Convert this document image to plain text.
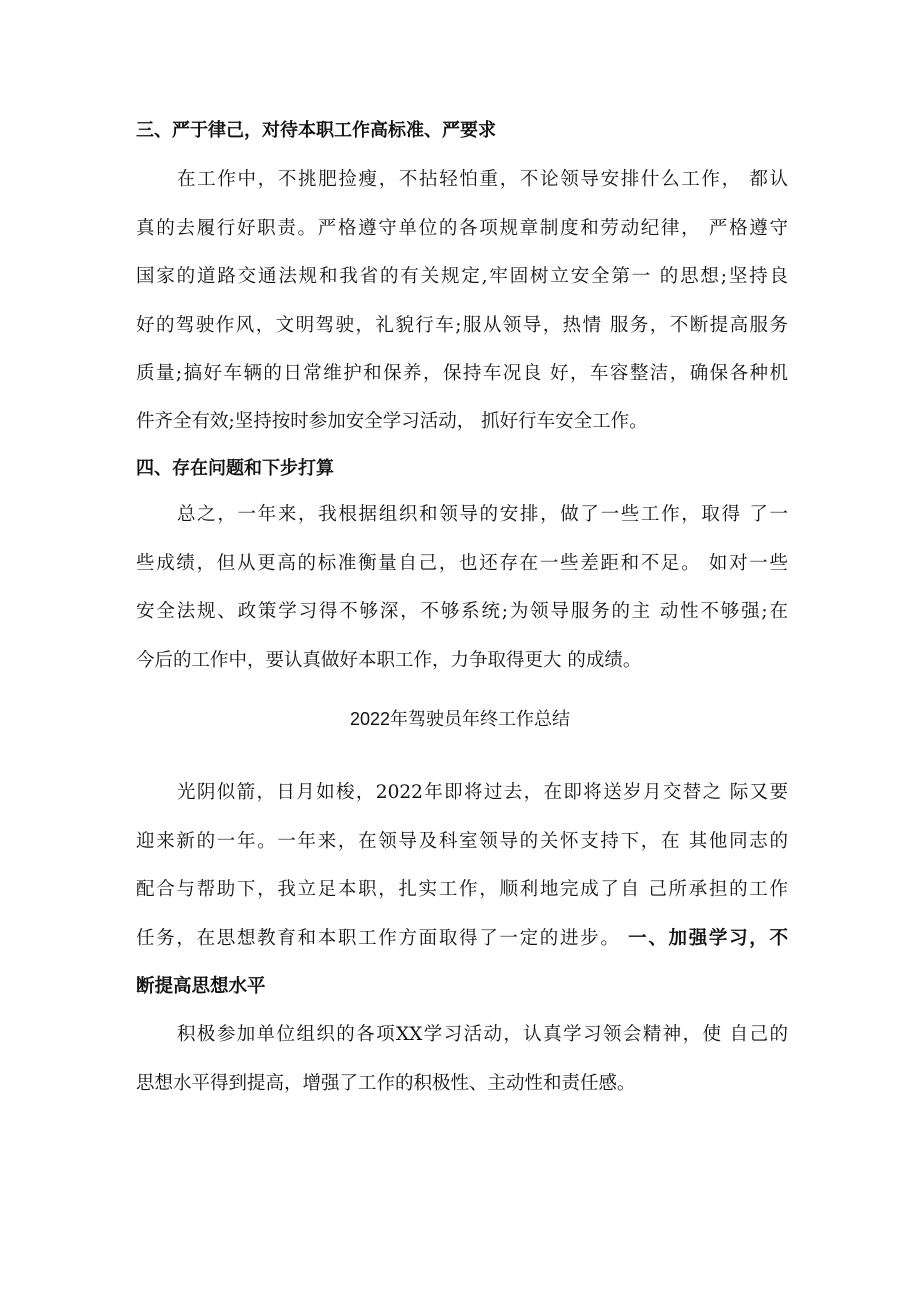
三、严于律己，对待本职工作高标准、严要求
在工作中，不挑肥捡瘦，不拈轻怕重，不论领导安排什么工作， 都认
真的去履行好职责。严格遵守单位的各项规章制度和劳动纪律， 严格遵守
国家的道路交通法规和我省的有关规定,牢固树立安全第一 的思想;坚持良
好的驾驶作风，文明驾驶，礼貌行车;服从领导，热情 服务，不断提高服务
质量;搞好车辆的日常维护和保养，保持车况良 好，车容整洁，确保各种机
件齐全有效;坚持按时参加安全学习活动， 抓好行车安全工作。
四、存在问题和下步打算
总之，一年来，我根据组织和领导的安排，做了一些工作，取得 了一
些成绩，但从更高的标准衡量自己，也还存在一些差距和不足。 如对一些
安全法规、政策学习得不够深，不够系统;为领导服务的主 动性不够强;在
今后的工作中，要认真做好本职工作，力争取得更大 的成绩。
2022年驾驶员年终工作总结
光阴似箭，日月如梭，2022年即将过去，在即将送岁月交替之 际又要
迎来新的一年。一年来，在领导及科室领导的关怀支持下，在 其他同志的
配合与帮助下，我立足本职，扎实工作，顺利地完成了自 己所承担的工作
任务，在思想教育和本职工作方面取得了一定的进步。 一、加强学习，不
断提高思想水平
积极参加单位组织的各项XX学习活动，认真学习领会精神，使 自己的
思想水平得到提高，增强了工作的积极性、主动性和责任感。
